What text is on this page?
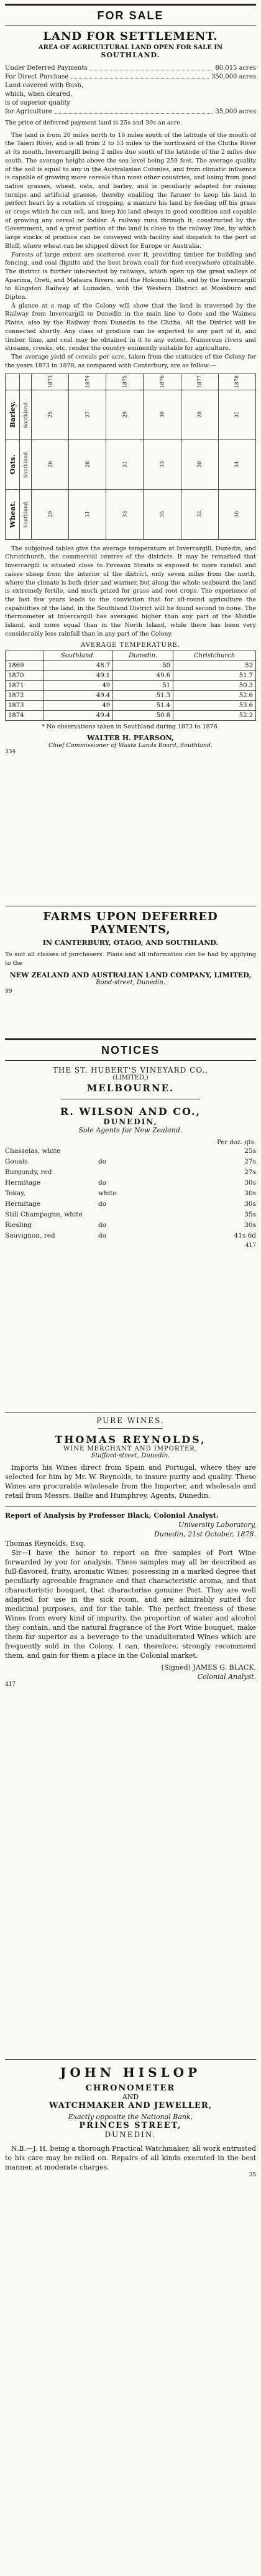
FOR SALE
LAND FOR SETTLEMENT.
AREA OF AGRICULTURAL LAND OPEN FOR SALE IN
SOUTHLAND.
Under Deferred Payments	80,015 acres
For Direct Purchase	350,000 acres
Land covered with Bush,
which, when cleared,
is of superior quality
for Agriculture	35,000 acres
The price of deferred payment land is 25s and 30s an acre.
The land is from 20 miles north to 16 miles south of the latitude of the mouth of the Taieri River, and is all from 2 to 53 miles to the northward of the Clutha River at its mouth, Invercargill being 2 miles due south of the latitude of the 2 miles due south. The average height above the sea level being 250 feet. The average quality of the soil is equal to any in the Australasian Colonies, and from climatic influence is capable of growing more cereals than most other countries, and being from good native grasses, wheat, oats, and barley, and is peculiarly adapted for raising turnips and artificial grasses, thereby enabling the farmer to keep his land in perfect heart by a rotation of cropping; a manure his land by feeding off his grass or crops which he can sell, and keep his land always in good condition and capable of growing any cereal or fodder. A railway runs through it, constructed by the Government, and a great portion of the land is close to the railway line, by which large stocks of produce can be conveyed with facility and dispatch to the port of Bluff, where wheat can be shipped direct for Europe or Australia.
Forests of large extent are scattered over it, providing timber for building and fencing, and coal (lignite and the best brown coal) for fuel everywhere obtainable. The district is further intersected by railways, which open up the great valleys of Aparima, Oreti, and Mataura Rivers, and the Hokonui Hills, and by the Invercargill to Kingston Railway at Lumsden, with the Western District at Mossburn and Dipton.
A glance at a map of the Colony will show that the land is traversed by the Railway from Invercargill to Dunedin in the main line to Gore and the Waimea Plains, also by the Railway from Dunedin to the Clutha. All the District will be connected shortly. Any class of produce can be exported to any part of it, and timber, lime, and coal may be obtained in it to any extent. Numerous rivers and streams, creeks, etc. render the country eminently suitable for agriculture.
The average yield of cereals per acre, taken from the statistics of the Colony for the years 1873 to 1878, as compared with Canterbury, are as follow:—
		1873	1874	1875	1876	1877	1878
Barley.	Southland.	25	27	29	30	28	31
Oats.	Southland.	26	28	31	33	30	34
Wheat.	Southland.	29	31	33	35	32	36
The subjoined tables give the average temperature at Invercargill, Dunedin, and Christchurch, the commercial centres of the districts. It may be remarked that Invercargill is situated close to Foveaux Straits is exposed to more rainfall and raises sheep from the interior of the district, only seven miles from the north, where the climate is both drier and warmer, but along the whole seaboard the land is extremely fertile, and much prized for grass and root crops. The experience of the last few years leads to the conviction that for all-round agriculture the capabilities of the land, in the Southland District will be found second to none. The thermometer at Invercargill has averaged higher than any part of the Middle Island, and more equal than in the North Island, while there has been very considerably less rainfall than in any part of the Colony.
AVERAGE TEMPERATURE.
	Southland.	Dunedin.	Christchurch
1869	48.7	50	52
1870	49.1	49.6	51.7
1871	49	51	50.3
1872	49.4	51.3	52.6
1873	49	51.4	53.6
1874	49.4	50.8	52.2
* No observations taken in Southland during 1873 to 1876.
WALTER H. PEARSON,
Chief Commissioner of Waste Lands Board, Southland.
334
FARMS UPON DEFERRED PAYMENTS,
IN CANTERBURY, OTAGO, AND SOUTHLAND.
To suit all classes of purchasers. Plans and all information can be had by applying to the
NEW ZEALAND AND AUSTRALIAN LAND COMPANY, LIMITED,
Bond-street, Dunedin.
99
NOTICES
THE ST. HUBERT'S VINEYARD CO.,
(LIMITED,)
MELBOURNE.
R. WILSON AND CO.,
DUNEDIN,
Sole Agents for New Zealand.
Per doz. qts.
Chasselas, white	25s
Gouais	do	27s
Burgundy, red	27s
Hermitage	do	30s
Tokay,	white	30s
Hermitage	do	30s
Still Champagne, white	35s
Riesling	do	30s
Sauvignon, red	do	41s 6d
417
PURE WINES.
THOMAS REYNOLDS,
WINE MERCHANT AND IMPORTER,
Stafford-street, Dunedin.
Imports his Wines direct from Spain and Portugal, where they are selected for him by Mr. W. Reynolds, to insure purity and quality. These Wines are procurable wholesale from the Importer, and wholesale and retail from Messrs. Bailie and Humphrey, Agents, Dunedin.
Report of Analysis by Professor Black, Colonial Analyst.
University Laboratory,
Dunedin, 21st October, 1878.
Thomas Reynolds, Esq.
Sir—I have the honor to report on five samples of Port Wine forwarded by you for analysis. These samples may all be described as full-flavored, fruity, aromatic Wines; possessing in a marked degree that peculiarly agreeable fragrance and that characteristic aroma, and that characteristic bouquet, that characterise genuine Port. They are well adapted for use in the sick room, and are admirably suited for medicinal purposes, and for the table. The perfect freeness of these Wines from every kind of impurity, the proportion of water and alcohol they contain, and the natural fragrance of the Port Wine bouquet, make them far superior as a beverage to the unadulterated Wines which are frequently sold in the Colony. I can, therefore, strongly recommend them, and gain for them a place in the Colonial market.
(Signed) JAMES G. BLACK,
Colonial Analyst.
417
JOHN HISLOP
CHRONOMETER
AND
WATCHMAKER AND JEWELLER,
Exactly opposite the National Bank,
PRINCES STREET,
DUNEDIN.
N.B.—J. H. being a thorough Practical Watchmaker, all work entrusted to his care may be relied on. Repairs of all kinds executed in the best manner, at moderate charges.
35
